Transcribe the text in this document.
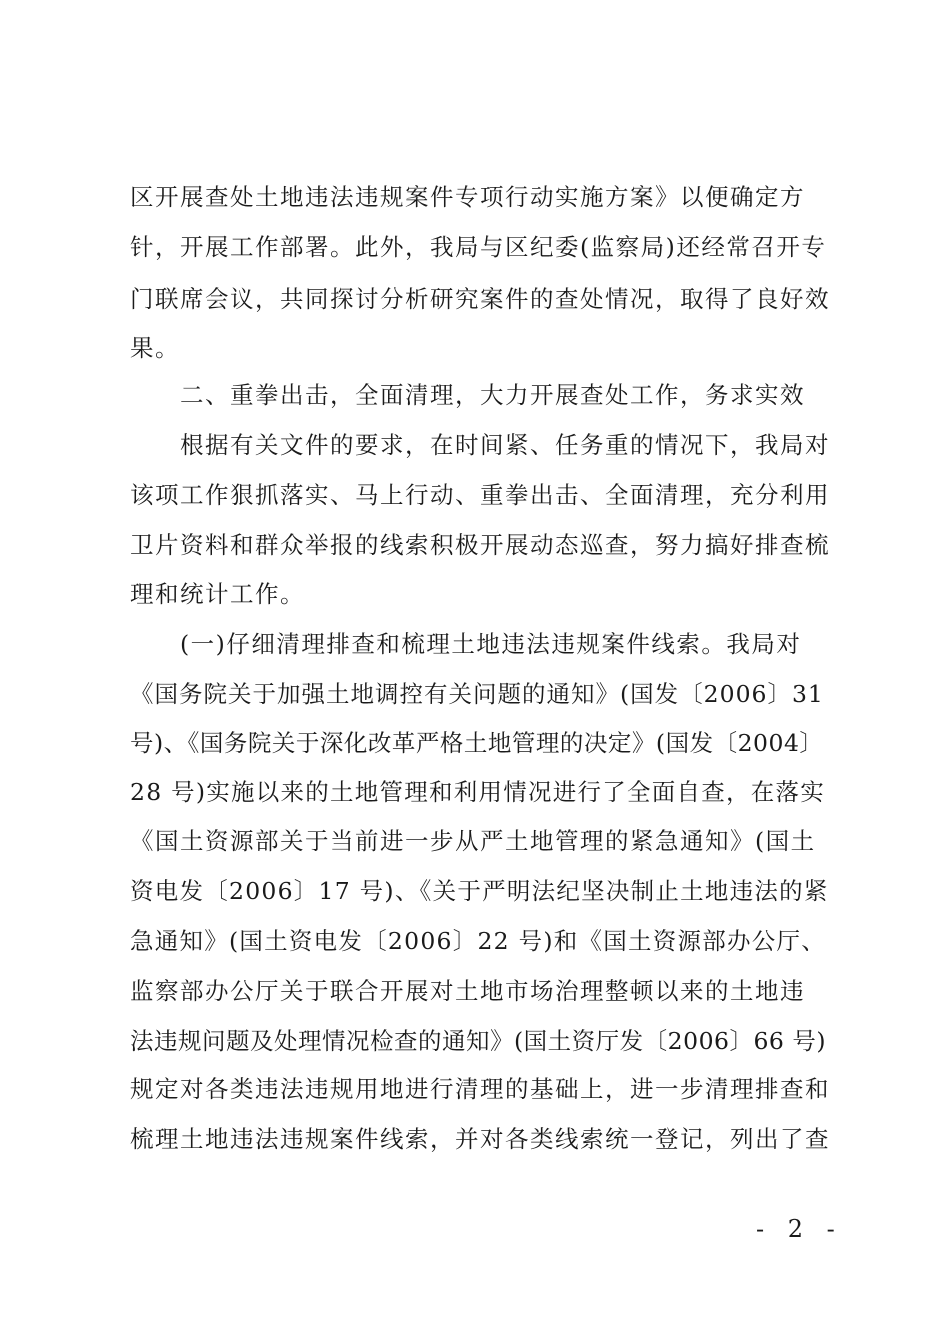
区开展查处土地违法违规案件专项行动实施方案》以便确定方
针，开展工作部署。此外，我局与区纪委(监察局)还经常召开专
门联席会议，共同探讨分析研究案件的查处情况，取得了良好效
果。
二、重拳出击，全面清理，大力开展查处工作，务求实效
根据有关文件的要求，在时间紧、任务重的情况下，我局对
该项工作狠抓落实、马上行动、重拳出击、全面清理，充分利用
卫片资料和群众举报的线索积极开展动态巡查，努力搞好排查梳
理和统计工作。
(一)仔细清理排查和梳理土地违法违规案件线索。我局对
《国务院关于加强土地调控有关问题的通知》(国发〔2006〕31
号)、《国务院关于深化改革严格土地管理的决定》(国发〔2004〕
28 号)实施以来的土地管理和利用情况进行了全面自查，在落实
《国土资源部关于当前进一步从严土地管理的紧急通知》(国土
资电发〔2006〕17 号)、《关于严明法纪坚决制止土地违法的紧
急通知》(国土资电发〔2006〕22 号)和《国土资源部办公厅、
监察部办公厅关于联合开展对土地市场治理整顿以来的土地违
法违规问题及处理情况检查的通知》(国土资厅发〔2006〕66 号)
规定对各类违法违规用地进行清理的基础上，进一步清理排查和
梳理土地违法违规案件线索，并对各类线索统一登记，列出了查
- 2 -
